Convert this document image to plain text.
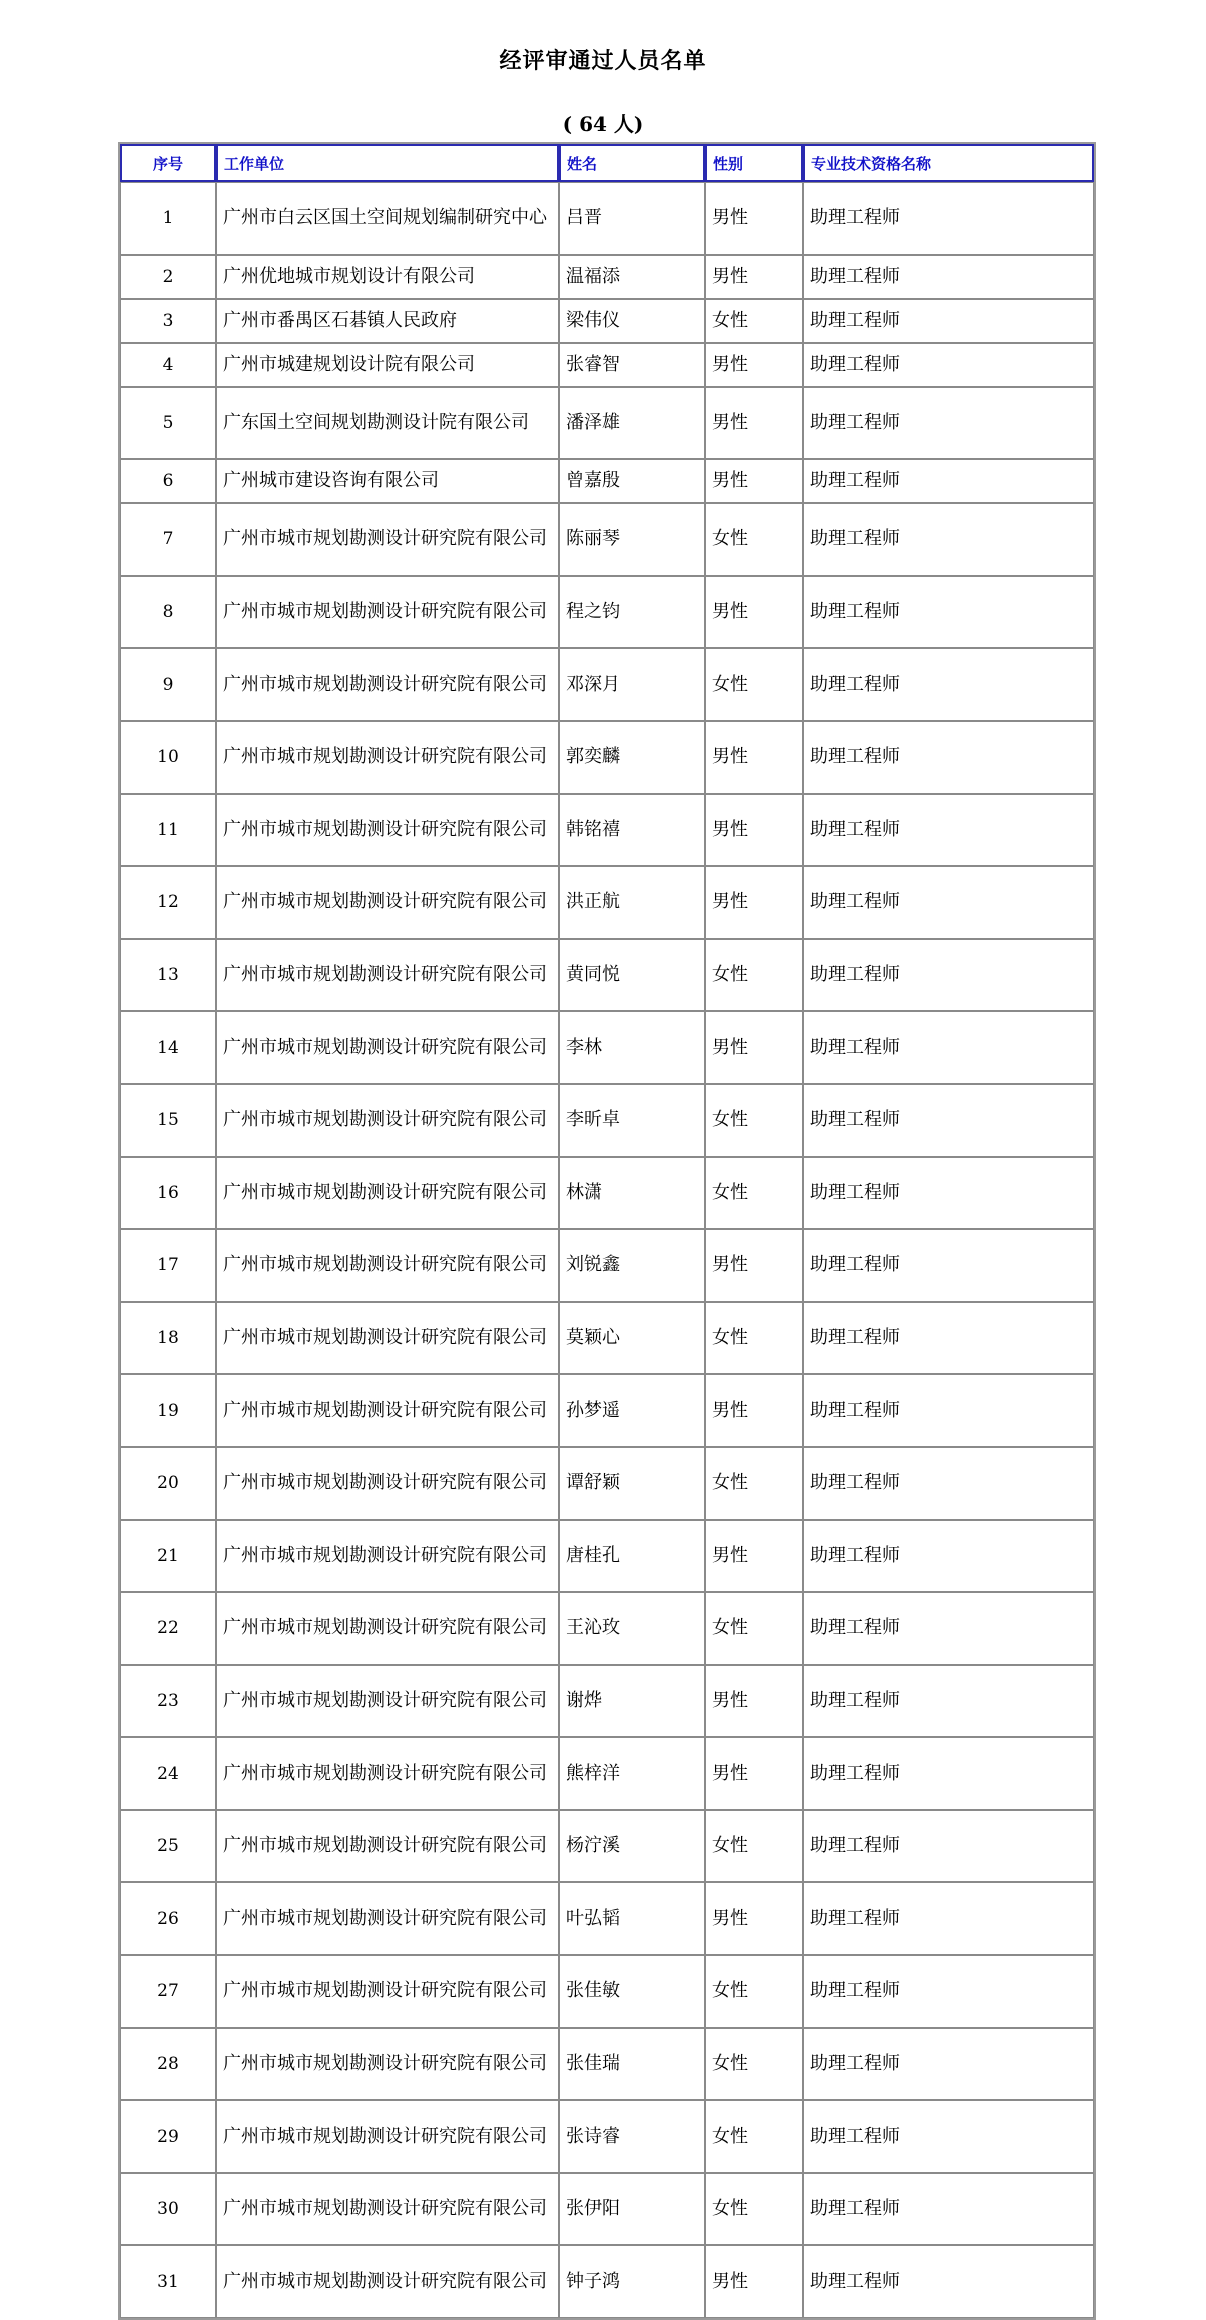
经评审通过人员名单
( 64 人)
序号	工作单位	姓名	性别	专业技术资格名称
1	广州市白云区国土空间规划编制研究中心	吕晋	男性	助理工程师
2	广州优地城市规划设计有限公司	温福添	男性	助理工程师
3	广州市番禺区石碁镇人民政府	梁伟仪	女性	助理工程师
4	广州市城建规划设计院有限公司	张睿智	男性	助理工程师
5	广东国土空间规划勘测设计院有限公司	潘泽雄	男性	助理工程师
6	广州城市建设咨询有限公司	曾嘉殷	男性	助理工程师
7	广州市城市规划勘测设计研究院有限公司	陈丽琴	女性	助理工程师
8	广州市城市规划勘测设计研究院有限公司	程之钧	男性	助理工程师
9	广州市城市规划勘测设计研究院有限公司	邓深月	女性	助理工程师
10	广州市城市规划勘测设计研究院有限公司	郭奕麟	男性	助理工程师
11	广州市城市规划勘测设计研究院有限公司	韩铭禧	男性	助理工程师
12	广州市城市规划勘测设计研究院有限公司	洪正航	男性	助理工程师
13	广州市城市规划勘测设计研究院有限公司	黄同悦	女性	助理工程师
14	广州市城市规划勘测设计研究院有限公司	李林	男性	助理工程师
15	广州市城市规划勘测设计研究院有限公司	李昕卓	女性	助理工程师
16	广州市城市规划勘测设计研究院有限公司	林潇	女性	助理工程师
17	广州市城市规划勘测设计研究院有限公司	刘锐鑫	男性	助理工程师
18	广州市城市规划勘测设计研究院有限公司	莫颖心	女性	助理工程师
19	广州市城市规划勘测设计研究院有限公司	孙梦遥	男性	助理工程师
20	广州市城市规划勘测设计研究院有限公司	谭舒颖	女性	助理工程师
21	广州市城市规划勘测设计研究院有限公司	唐桂孔	男性	助理工程师
22	广州市城市规划勘测设计研究院有限公司	王沁玫	女性	助理工程师
23	广州市城市规划勘测设计研究院有限公司	谢烨	男性	助理工程师
24	广州市城市规划勘测设计研究院有限公司	熊梓洋	男性	助理工程师
25	广州市城市规划勘测设计研究院有限公司	杨泞溪	女性	助理工程师
26	广州市城市规划勘测设计研究院有限公司	叶弘韬	男性	助理工程师
27	广州市城市规划勘测设计研究院有限公司	张佳敏	女性	助理工程师
28	广州市城市规划勘测设计研究院有限公司	张佳瑞	女性	助理工程师
29	广州市城市规划勘测设计研究院有限公司	张诗睿	女性	助理工程师
30	广州市城市规划勘测设计研究院有限公司	张伊阳	女性	助理工程师
31	广州市城市规划勘测设计研究院有限公司	钟子鸿	男性	助理工程师
